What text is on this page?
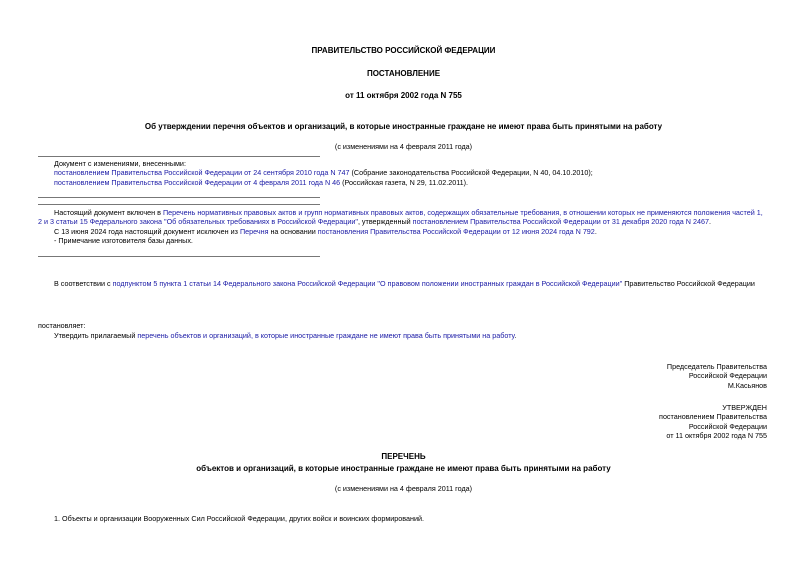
ПРАВИТЕЛЬСТВО РОССИЙСКОЙ ФЕДЕРАЦИИ
ПОСТАНОВЛЕНИЕ
от 11 октября 2002 года N 755
Об утверждении перечня объектов и организаций, в которые иностранные граждане не имеют права быть принятыми на работу
(с изменениями на 4 февраля 2011 года)

Документ с изменениями, внесенными:

постановлением Правительства Российской Федерации от 24 сентября 2010 года N 747 (Собрание законодательства Российской Федерации, N 40, 04.10.2010);

постановлением Правительства Российской Федерации от 4 февраля 2011 года N 46 (Российская газета, N 29, 11.02.2011).

Настоящий документ включен в Перечень нормативных правовых актов и групп нормативных правовых актов, содержащих обязательные требования, в отношении которых не применяются положения частей 1, 2 и 3 статьи 15 Федерального закона "Об обязательных требованиях в Российской Федерации", утвержденный постановлением Правительства Российской Федерации от 31 декабря 2020 года N 2467.

С 13 июня 2024 года настоящий документ исключен из Перечня на основании постановления Правительства Российской Федерации от 12 июня 2024 года N 792.

- Примечание изготовителя базы данных.

В соответствии с подпунктом 5 пункта 1 статьи 14 Федерального закона Российской Федерации "О правовом положении иностранных граждан в Российской Федерации" Правительство Российской Федерации
постановляет:
Утвердить прилагаемый перечень объектов и организаций, в которые иностранные граждане не имеют права быть принятыми на работу.

Председатель Правительства

Российской Федерации

М.Касьянов

УТВЕРЖДЕН

постановлением Правительства

Российской Федерации

от 11 октября 2002 года N 755

ПЕРЕЧЕНЬ
объектов и организаций, в которые иностранные граждане не имеют права быть принятыми на работу
(с изменениями на 4 февраля 2011 года)
1. Объекты и организации Вооруженных Сил Российской Федерации, других войск и воинских формирований.
